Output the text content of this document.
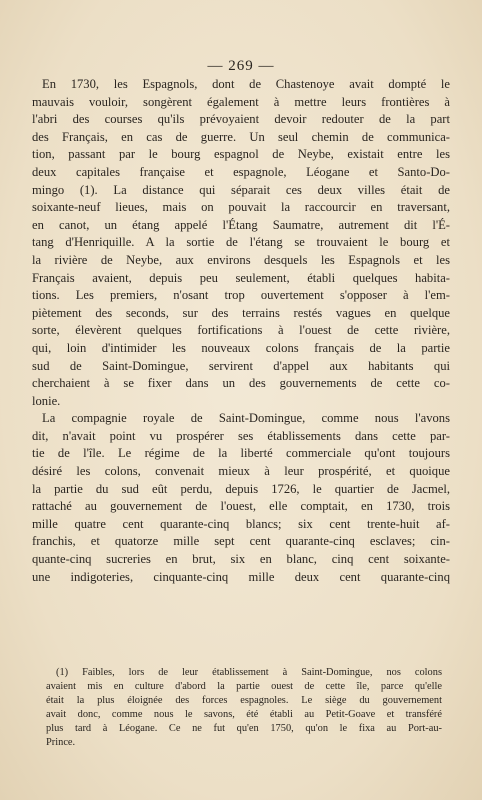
— 269 —

En 1730, les Espagnols, dont de Chastenoye avait dompté le
mauvais vouloir, songèrent également à mettre leurs frontières à
l'abri des courses qu'ils prévoyaient devoir redouter de la part
des Français, en cas de guerre. Un seul chemin de communica-
tion, passant par le bourg espagnol de Neybe, existait entre les
deux capitales française et espagnole, Léogane et Santo-Do-
mingo (1). La distance qui séparait ces deux villes était de
soixante-neuf lieues, mais on pouvait la raccourcir en traversant,
en canot, un étang appelé l'Étang Saumatre, autrement dit l'É-
tang d'Henriquille. A la sortie de l'étang se trouvaient le bourg et
la rivière de Neybe, aux environs desquels les Espagnols et les
Français avaient, depuis peu seulement, établi quelques habita-
tions. Les premiers, n'osant trop ouvertement s'opposer à l'em-
piètement des seconds, sur des terrains restés vagues en quelque
sorte, élevèrent quelques fortifications à l'ouest de cette rivière,
qui, loin d'intimider les nouveaux colons français de la partie
sud de Saint-Domingue, servirent d'appel aux habitants qui
cherchaient à se fixer dans un des gouvernements de cette co-
lonie.

La compagnie royale de Saint-Domingue, comme nous l'avons
dit, n'avait point vu prospérer ses établissements dans cette par-
tie de l'île. Le régime de la liberté commerciale qu'ont toujours
désiré les colons, convenait mieux à leur prospérité, et quoique
la partie du sud eût perdu, depuis 1726, le quartier de Jacmel,
rattaché au gouvernement de l'ouest, elle comptait, en 1730, trois
mille quatre cent quarante-cinq blancs; six cent trente-huit af-
franchis, et quatorze mille sept cent quarante-cinq esclaves; cin-
quante-cinq sucreries en brut, six en blanc, cinq cent soixante-
une indigoteries, cinquante-cinq mille deux cent quarante-cinq

(1) Faibles, lors de leur établissement à Saint-Domingue, nos colons
avaient mis en culture d'abord la partie ouest de cette île, parce qu'elle
était la plus éloignée des forces espagnoles. Le siège du gouvernement
avait donc, comme nous le savons, été établi au Petit-Goave et transféré
plus tard à Léogane. Ce ne fut qu'en 1750, qu'on le fixa au Port-au-
Prince.
